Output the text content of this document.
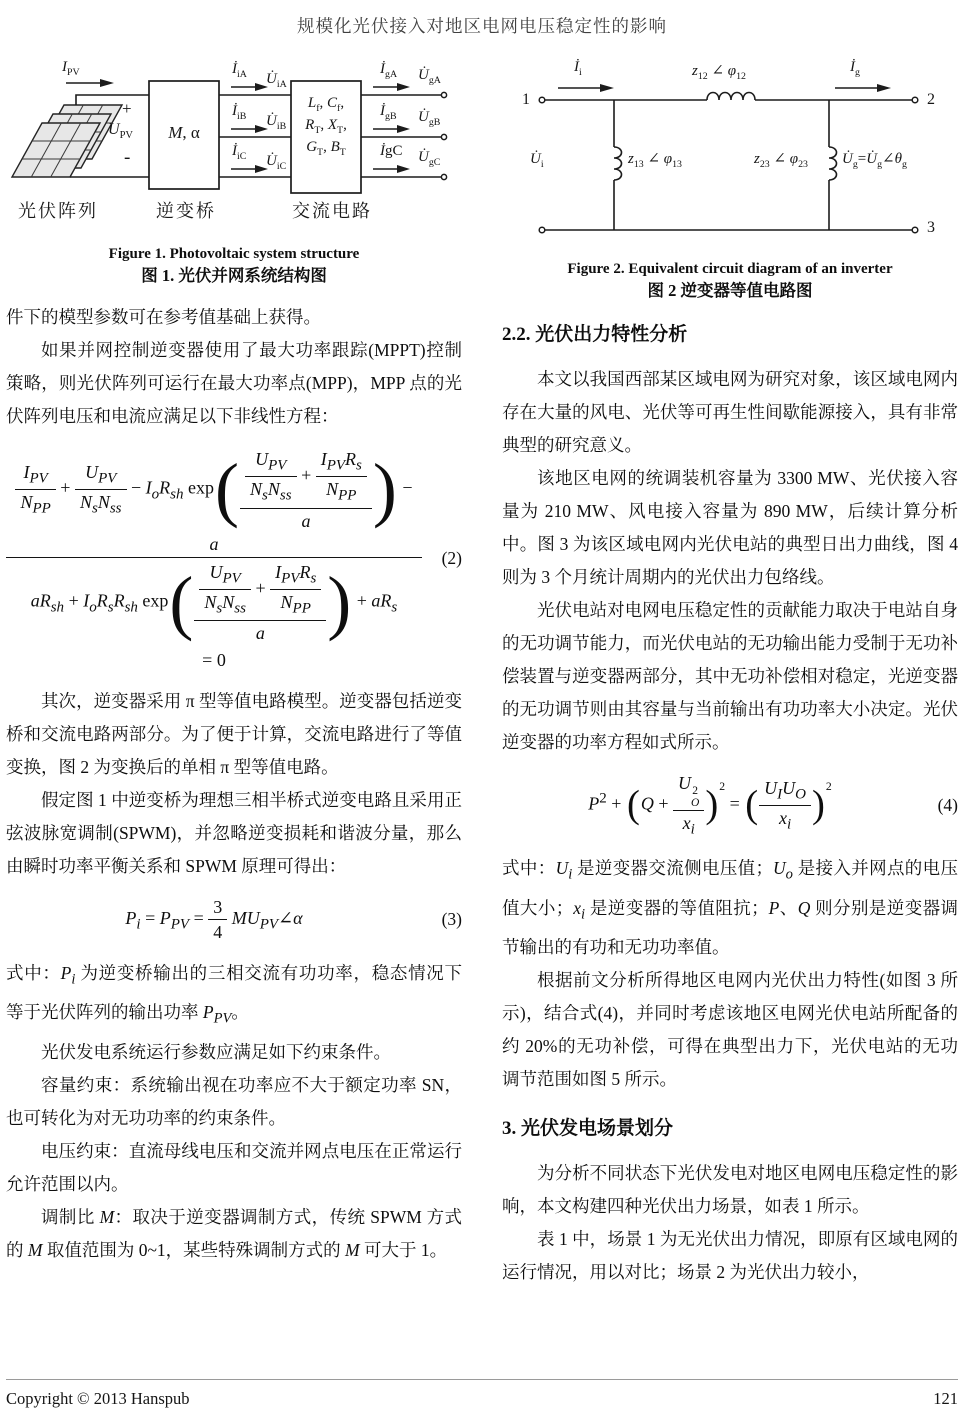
规模化光伏接入对地区电网电压稳定性的影响
$I_{PV}$
+
$U_{PV}$
-
M, α
$İ_{iA}$ $U̇_{iA}$
$İ_{iB}$ $U̇_{iB}$
$İ_{iC}$ $U̇_{iC}$
$L_f$, $C_f$,
$R_T$, $X_T$,
$G_T$, $B_T$
$İ_{gA}$ $U̇_{gA}$
$İ_{gB}$ $U̇_{gB}$
İgC $U̇_{gC}$
光伏阵列	逆变桥	交流电路
Figure 1. Photovoltaic system structure
图 1. 光伏并网系统结构图

件下的模型参数可在参考值基础上获得。

如果并网控制逆变器使用了最大功率跟踪(MPPT)控制策略，则光伏阵列可运行在最大功率点(MPP)，MPP 点的光伏阵列电压和电流应满足以下非线性方程：

$I_{PV}$
$N_{PP}$
+
$U_{PV}$
$N_sN_{ss}$
− $I_oR_{sh}$ exp( $U_{PV}$
$N_sN_{ss}$
+
$I_{PV}R_s$
$N_{PP}$
a ) − a
$aR_{sh} + I_oR_sR_{sh}$ exp( $U_{PV}$
$N_sN_{ss}$
+
$I_{PV}R_s$
$N_{PP}$
a ) + $aR_s$
= 0
(2)

其次，逆变器采用 π 型等值电路模型。逆变器包括逆变桥和交流电路两部分。为了便于计算，交流电路进行了等值变换，图 2 为变换后的单相 π 型等值电路。

假定图 1 中逆变桥为理想三相半桥式逆变电路且采用正弦波脉宽调制(SPWM)，并忽略逆变损耗和谐波分量，那么由瞬时功率平衡关系和 SPWM 原理可得出：

$P_i = P_{PV} = \frac{3}{4}$ $MU_{PV}\angle\alpha$	(3)

式中：$P_i$ 为逆变桥输出的三相交流有功功率，稳态情况下等于光伏阵列的输出功率 $P_{PV}$。

光伏发电系统运行参数应满足如下约束条件。

容量约束：系统输出视在功率应不大于额定功率 SN，也可转化为对无功功率的约束条件。

电压约束：直流母线电压和交流并网点电压在正常运行允许范围以内。

调制比 M：取决于逆变器调制方式，传统 SPWM 方式的 M 取值范围为 0~1，某些特殊调制方式的 M 可大于 1。

1	2
3
$İ_i$	$İ_g$
$z_{12}$ ∠ $\varphi_{12}$
$U̇_i$	$z_{13}$ ∠ $\varphi_{13}$	$z_{23}$ ∠ $\varphi_{23}$ $U̇_g=U̇_g\angle\theta_g$
Figure 2. Equivalent circuit diagram of an inverter
图 2 逆变器等值电路图
2.2. 光伏出力特性分析

本文以我国西部某区域电网为研究对象，该区域电网内存在大量的风电、光伏等可再生性间歇能源接入，具有非常典型的研究意义。

该地区电网的统调装机容量为 3300 MW、光伏接入容量为 210 MW、风电接入容量为 890 MW，后续计算分析中。图 3 为该区域电网内光伏电站的典型日出力曲线，图 4 则为 3 个月统计周期内的光伏出力包络线。

光伏电站对电网电压稳定性的贡献能力取决于电站自身的无功调节能力，而光伏电站的无功输出能力受制于无功补偿装置与逆变器两部分，其中无功补偿相对稳定，光逆变器的无功调节则由其容量与当前输出有功功率大小决定。光伏逆变器的功率方程如式所示。

$P^2 + (Q + U$ 2
O
$x_i$ )$^2$ = ( $U_IU_O$
$x_i$ )$^2$
(4)

式中：$U_i$ 是逆变器交流侧电压值；$U_o$ 是接入并网点的电压值大小；$x_i$ 是逆变器的等值阻抗；P、Q 则分别是逆变器调节输出的有功和无功功率值。

根据前文分析所得地区电网内光伏出力特性(如图 3 所示)，结合式(4)，并同时考虑该地区电网光伏电站所配备的约 20%的无功补偿，可得在典型出力下，光伏电站的无功调节范围如图 5 所示。

3. 光伏发电场景划分

为分析不同状态下光伏发电对地区电网电压稳定性的影响，本文构建四种光伏出力场景，如表 1 所示。

表 1 中，场景 1 为无光伏出力情况，即原有区域电网的运行情况，用以对比；场景 2 为光伏出力较小，

Copyright © 2013 Hanspub	121
